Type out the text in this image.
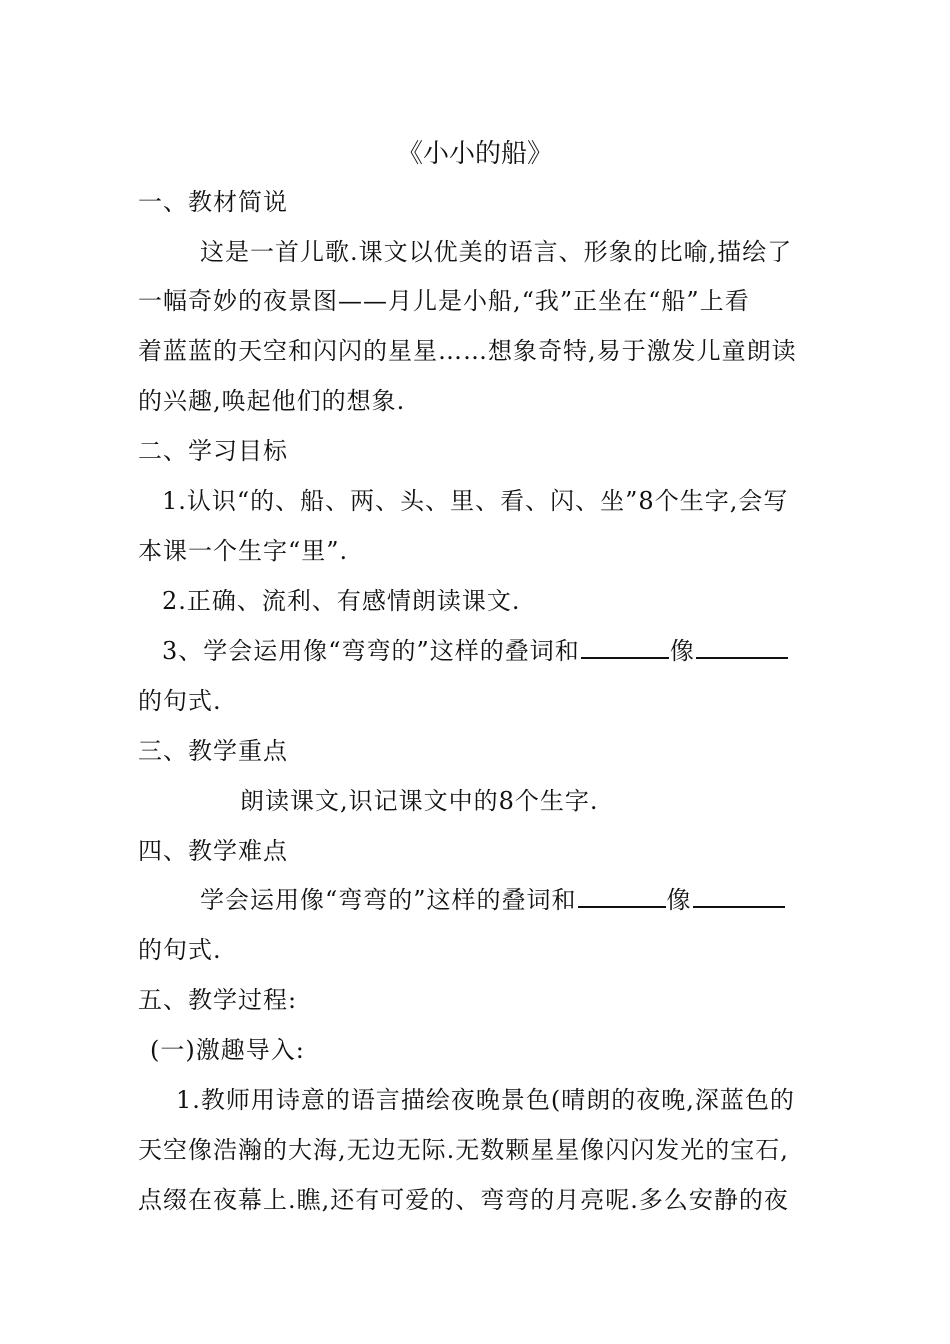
《小小的船》
一、教材简说
这是一首儿歌.课文以优美的语言、形象的比喻,描绘了
一幅奇妙的夜景图——月儿是小船,“我”正坐在“船”上看
着蓝蓝的天空和闪闪的星星……想象奇特,易于激发儿童朗读
的兴趣,唤起他们的想象.
二、学习目标
1.认识“的、船、两、头、里、看、闪、坐”8个生字,会写
本课一个生字“里”.
2.正确、流利、有感情朗读课文.
3、学会运用像“弯弯的”这样的叠词和	像
的句式.
三、教学重点
朗读课文,识记课文中的8个生字.
四、教学难点
学会运用像“弯弯的”这样的叠词和	像
的句式.
五、教学过程:
(一)激趣导入:
1.教师用诗意的语言描绘夜晚景色(晴朗的夜晚,深蓝色的
天空像浩瀚的大海,无边无际.无数颗星星像闪闪发光的宝石,
点缀在夜幕上.瞧,还有可爱的、弯弯的月亮呢.多么安静的夜
